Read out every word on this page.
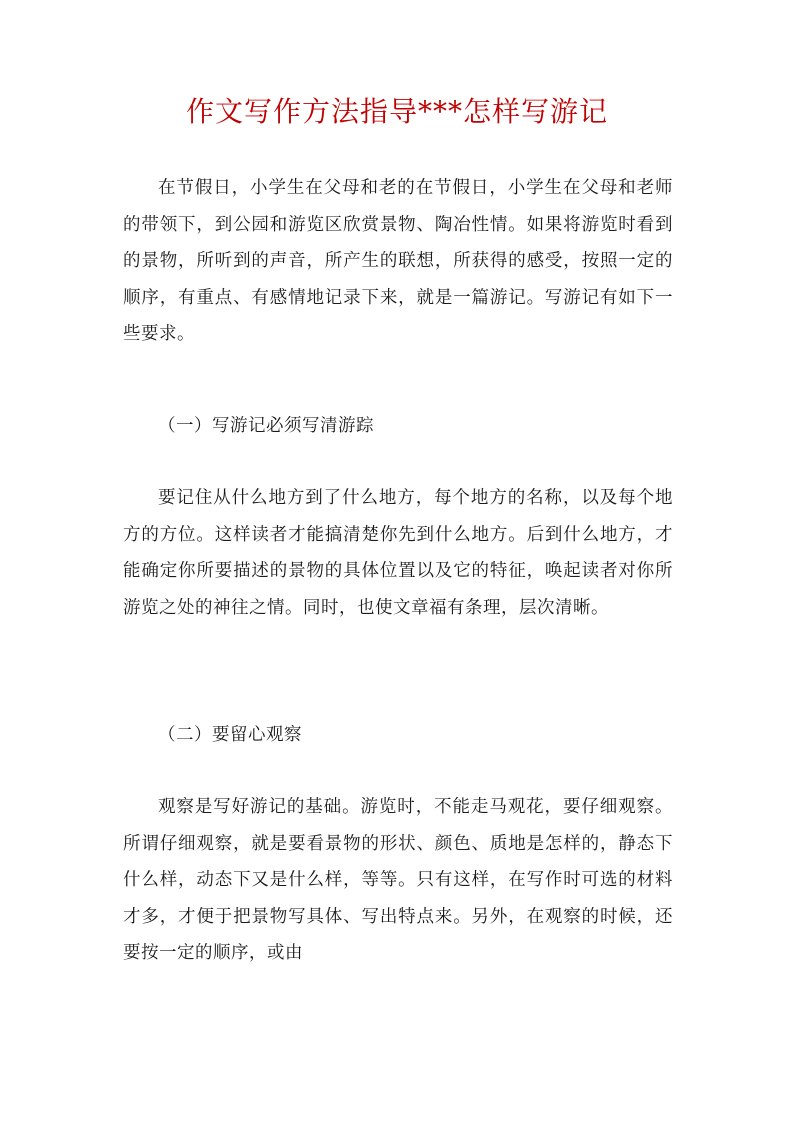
作文写作方法指导***怎样写游记
在节假日，小学生在父母和老的在节假日，小学生在父母和老师的带领下，到公园和游览区欣赏景物、陶冶性情。如果将游览时看到的景物，所听到的声音，所产生的联想，所获得的感受，按照一定的顺序，有重点、有感情地记录下来，就是一篇游记。写游记有如下一些要求。
（一）写游记必须写清游踪
要记住从什么地方到了什么地方，每个地方的名称，以及每个地方的方位。这样读者才能搞清楚你先到什么地方。后到什么地方，才能确定你所要描述的景物的具体位置以及它的特征，唤起读者对你所游览之处的神往之情。同时，也使文章福有条理，层次清晰。
（二）要留心观察
观察是写好游记的基础。游览时，不能走马观花，要仔细观察。所谓仔细观察，就是要看景物的形状、颜色、质地是怎样的，静态下什么样，动态下又是什么样，等等。只有这样，在写作时可选的材料才多，才便于把景物写具体、写出特点来。另外，在观察的时候，还要按一定的顺序，或由
